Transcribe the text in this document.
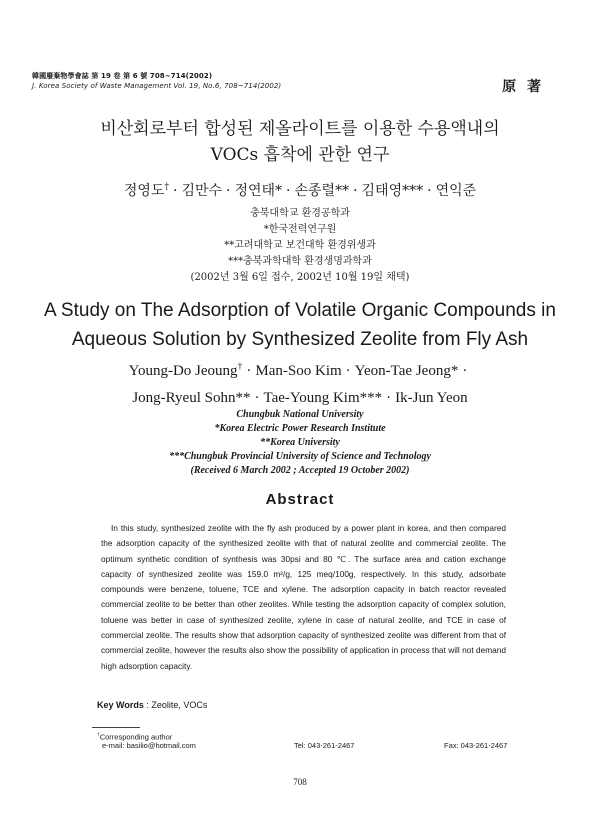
韓國廢棄物學會誌 第 19 卷 第 6 號 708~714(2002)
J. Korea Society of Waste Management Vol. 19, No.6, 708~714(2002)	原 著
비산회로부터 합성된 제올라이트를 이용한 수용액내의
VOCs 흡착에 관한 연구
정영도† · 김만수 · 정연태* · 손종렬** · 김태영*** · 연익준
충북대학교 환경공학과
*한국전력연구원
**고려대학교 보건대학 환경위생과
***충북과학대학 환경생명과학과
(2002년 3월 6일 접수, 2002년 10월 19일 채택)
A Study on The Adsorption of Volatile Organic Compounds in
Aqueous Solution by Synthesized Zeolite from Fly Ash
Young-Do Jeoung† · Man-Soo Kim · Yeon-Tae Jeong* ·
Jong-Ryeul Sohn** · Tae-Young Kim*** · Ik-Jun Yeon
Chungbuk National University
*Korea Electric Power Research Institute
**Korea University
***Chungbuk Provincial University of Science and Technology
(Received 6 March 2002 ; Accepted 19 October 2002)
Abstract

In this study, synthesized zeolite with the fly ash produced by a power plant in korea, and then compared the adsorption capacity of the synthesized zeolite with that of natural zeolite and commercial zeolite. The optimum synthetic condition of synthesis was 30psi and 80 ℃. The surface area and cation exchange capacity of synthesized zeolite was 159.0 m²/g, 125 meq/100g, respectively. In this study, adsorbate compounds were benzene, toluene, TCE and xylene. The adsorption capacity in batch reactor revealed commercial zeolite to be better than other zeolites. While testing the adsorption capacity of complex solution, toluene was better in case of synthesized zeolite, xylene in case of natural zeolite, and TCE in case of commercial zeolite. The results show that adsorption capacity of synthesized zeolite was different from that of commercial zeolite, however the results also show the possibility of application in process that will not demand high adsorption capacity.

Key Words : Zeolite, VOCs
†Corresponding author
e-mail: basilio@hotmail.com	Tel: 043-261-2467	Fax: 043-261-2467
708
